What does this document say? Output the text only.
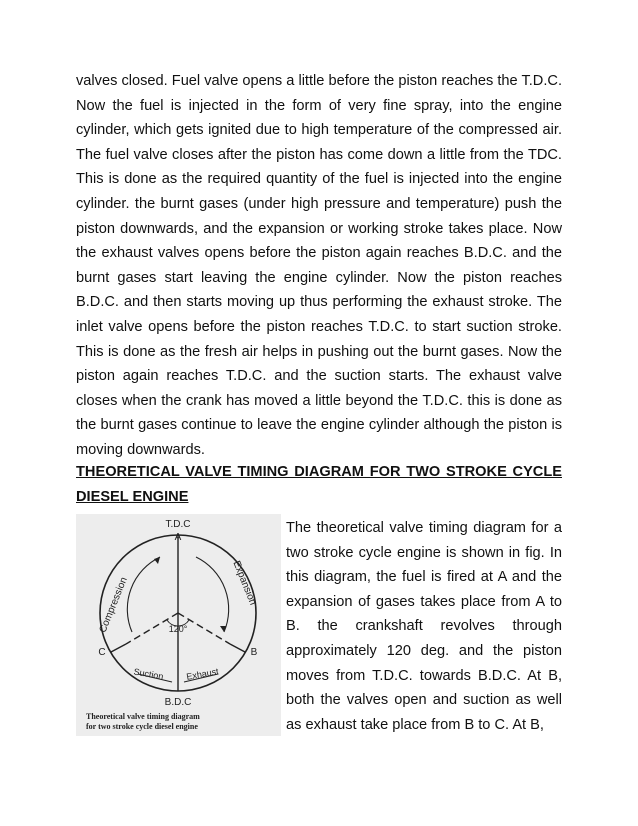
valves closed. Fuel valve opens a little before the piston reaches the T.D.C. Now the fuel is injected in the form of very fine spray, into the engine cylinder, which gets ignited due to high temperature of the compressed air. The fuel valve closes after the piston has come down a little from the TDC. This is done as the required quantity of the fuel is injected into the engine cylinder. the burnt gases (under high pressure and temperature) push the piston downwards, and the expansion or working stroke takes place. Now the exhaust valves opens before the piston again reaches B.D.C. and the burnt gases start leaving the engine cylinder. Now the piston reaches B.D.C. and then starts moving up thus performing the exhaust stroke. The inlet valve opens before the piston reaches T.D.C. to start suction stroke. This is done as the fresh air helps in pushing out the burnt gases. Now the piston again reaches T.D.C. and the suction starts. The exhaust valve closes when the crank has moved a little beyond the T.D.C. this is done as the burnt gases continue to leave the engine cylinder although the piston is moving downwards.

THEORETICAL VALVE TIMING DIAGRAM FOR TWO STROKE CYCLE DIESEL ENGINE

T.D.C
A
C	B
120°
Compression	Expansion
Suction Exhaust
B.D.C
Theoretical valve timing diagram
for two stroke cycle diesel engine

The theoretical valve timing diagram for a two stroke cycle engine is shown in fig. In this diagram, the fuel is fired at A and the expansion of gases takes place from A to B. the crankshaft revolves through approximately 120 deg. and the piston moves from T.D.C. towards B.D.C. At B, both the valves open and suction as well as exhaust take place from B to C. At B,
